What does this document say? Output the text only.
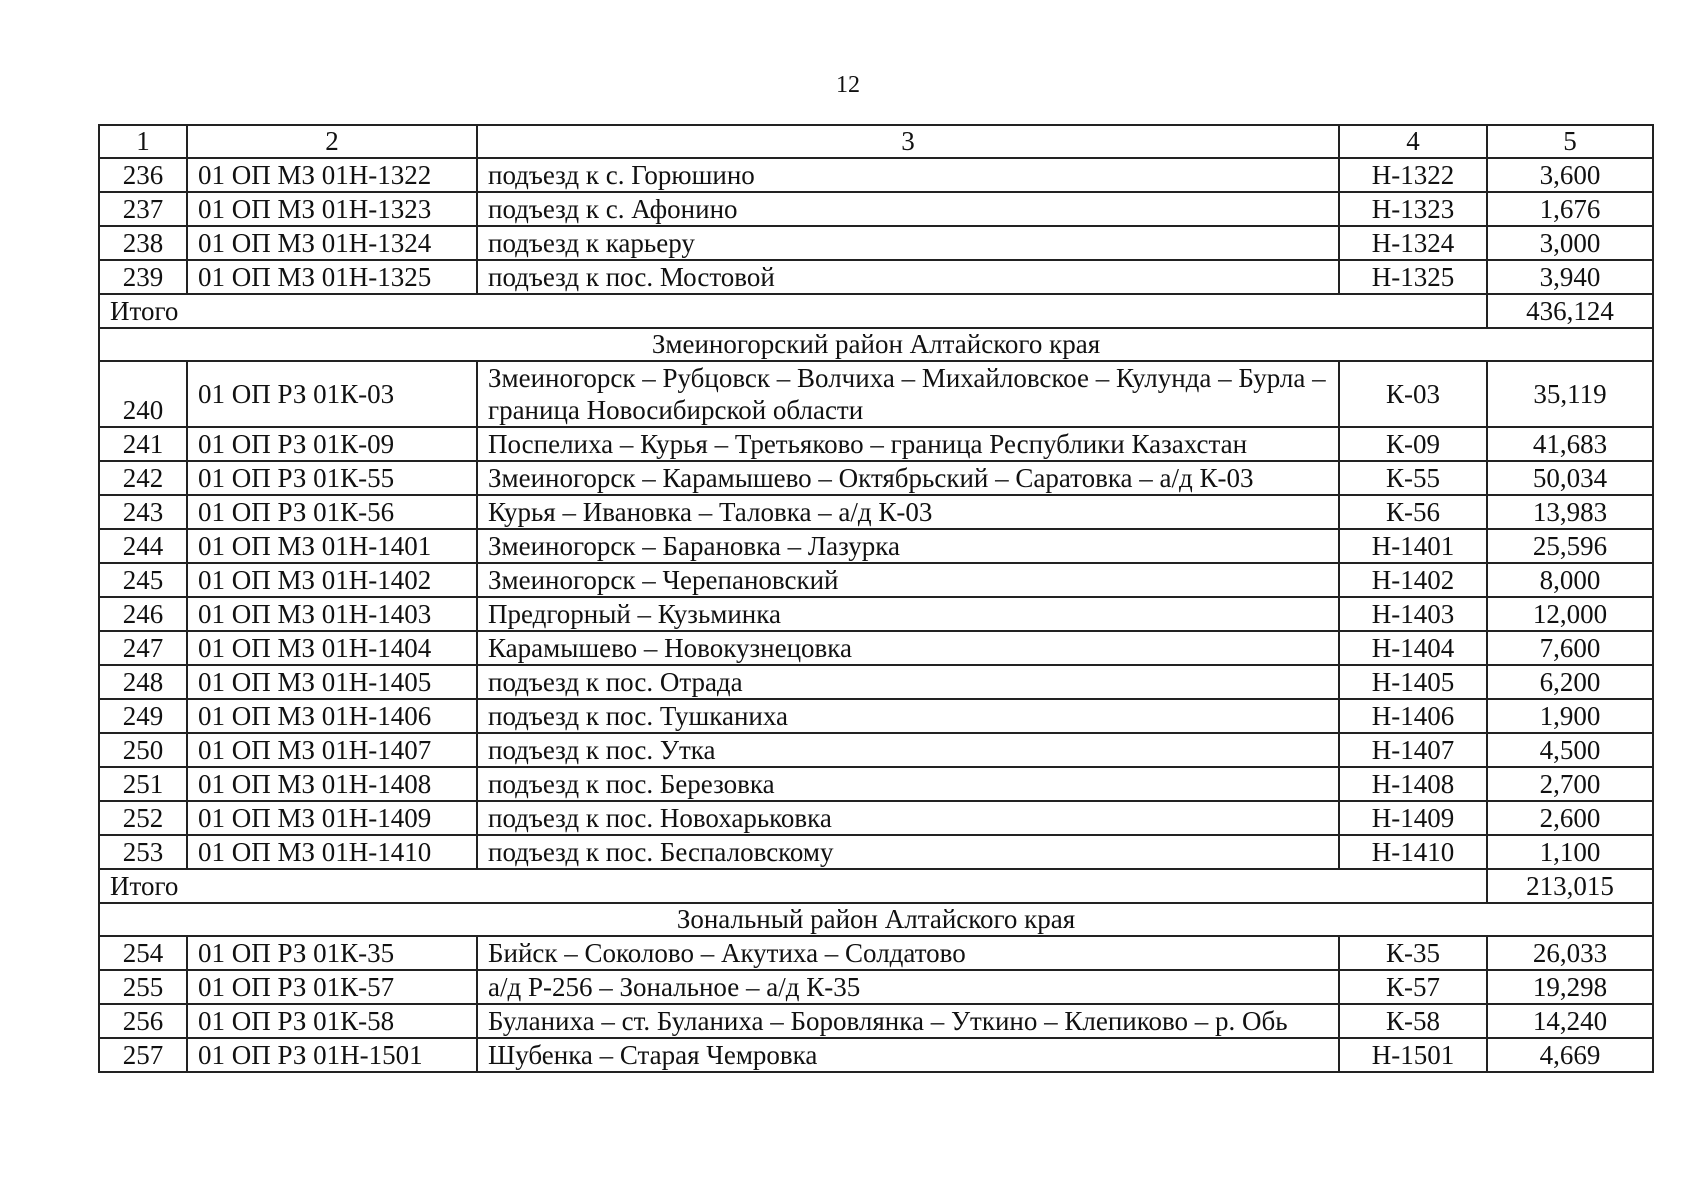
12
1	2	3	4	5
236	01 ОП МЗ 01Н-1322	подъезд к с. Горюшино	Н-1322	3,600
237	01 ОП МЗ 01Н-1323	подъезд к с. Афонино	Н-1323	1,676
238	01 ОП МЗ 01Н-1324	подъезд к карьеру	Н-1324	3,000
239	01 ОП МЗ 01Н-1325	подъезд к пос. Мостовой	Н-1325	3,940
Итого				436,124
Змеиногорский район Алтайского края				
240	01 ОП РЗ 01К-03	Змеиногорск – Рубцовск – Волчиха – Михайловское – Кулунда – Бурла – граница Новосибирской области	К-03	35,119
241	01 ОП РЗ 01К-09	Поспелиха – Курья – Третьяково – граница Республики Казахстан	К-09	41,683
242	01 ОП РЗ 01К-55	Змеиногорск – Карамышево – Октябрьский – Саратовка – а/д К-03	К-55	50,034
243	01 ОП РЗ 01К-56	Курья – Ивановка – Таловка – а/д К-03	К-56	13,983
244	01 ОП МЗ 01Н-1401	Змеиногорск – Барановка – Лазурка	Н-1401	25,596
245	01 ОП МЗ 01Н-1402	Змеиногорск – Черепановский	Н-1402	8,000
246	01 ОП МЗ 01Н-1403	Предгорный – Кузьминка	Н-1403	12,000
247	01 ОП МЗ 01Н-1404	Карамышево – Новокузнецовка	Н-1404	7,600
248	01 ОП МЗ 01Н-1405	подъезд к пос. Отрада	Н-1405	6,200
249	01 ОП МЗ 01Н-1406	подъезд к пос. Тушканиха	Н-1406	1,900
250	01 ОП МЗ 01Н-1407	подъезд к пос. Утка	Н-1407	4,500
251	01 ОП МЗ 01Н-1408	подъезд к пос. Березовка	Н-1408	2,700
252	01 ОП МЗ 01Н-1409	подъезд к пос. Новохарьковка	Н-1409	2,600
253	01 ОП МЗ 01Н-1410	подъезд к пос. Беспаловскому	Н-1410	1,100
Итого				213,015
Зональный район Алтайского края				
254	01 ОП РЗ 01К-35	Бийск – Соколово – Акутиха – Солдатово	К-35	26,033
255	01 ОП РЗ 01К-57	а/д Р-256 – Зональное – а/д К-35	К-57	19,298
256	01 ОП РЗ 01К-58	Буланиха – ст. Буланиха – Боровлянка – Уткино – Клепиково – р. Обь	К-58	14,240
257	01 ОП РЗ 01Н-1501	Шубенка – Старая Чемровка	Н-1501	4,669
